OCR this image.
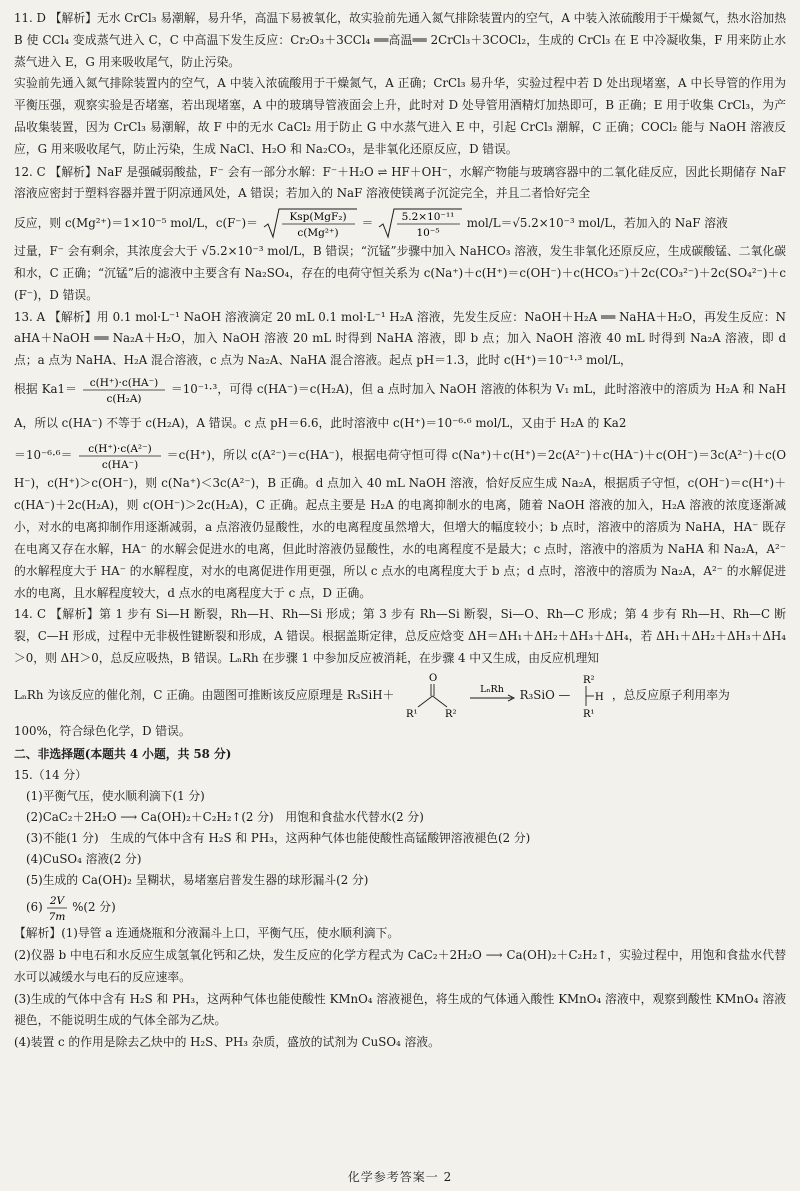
11. D 【解析】无水 CrCl₃ 易潮解，易升华，高温下易被氧化，故实验前先通入氮气排除装置内的空气，A 中装入浓硫酸用于干燥氮气，热水浴加热 B 使 CCl₄ 变成蒸气进入 C，C 中高温下发生反应：Cr₂O₃＋3CCl₄ ══高温══ 2CrCl₃＋3COCl₂，生成的 CrCl₃ 在 E 中冷凝收集，F 用来防止水蒸气进入 E，G 用来吸收尾气，防止污染。

实验前先通入氮气排除装置内的空气，A 中装入浓硫酸用于干燥氮气，A 正确；CrCl₃ 易升华，实验过程中若 D 处出现堵塞，A 中长导管的作用为平衡压强，观察实验是否堵塞，若出现堵塞，A 中的玻璃导管液面会上升，此时对 D 处导管用酒精灯加热即可，B 正确；E 用于收集 CrCl₃，为产品收集装置，因为 CrCl₃ 易潮解，故 F 中的无水 CaCl₂ 用于防止 G 中水蒸气进入 E 中，引起 CrCl₃ 潮解，C 正确；COCl₂ 能与 NaOH 溶液反应，G 用来吸收尾气，防止污染，生成 NaCl、H₂O 和 Na₂CO₃，是非氧化还原反应，D 错误。

12. C 【解析】NaF 是强碱弱酸盐，F⁻ 会有一部分水解：F⁻＋H₂O ⇌ HF＋OH⁻，水解产物能与玻璃容器中的二氧化硅反应，因此长期储存 NaF 溶液应密封于塑料容器并置于阴凉通风处，A 错误；若加入的 NaF 溶液使镁离子沉淀完全，并且二者恰好完全

反应，则 c(Mg²⁺)＝1×10⁻⁵ mol/L，c(F⁻)＝	Ksp(MgF₂)
c(Mg²⁺)
＝	5.2×10⁻¹¹
10⁻⁵
mol/L＝√5.2×10⁻³ mol/L，若加入的 NaF 溶液

过量，F⁻ 会有剩余，其浓度会大于 √5.2×10⁻³ mol/L，B 错误；“沉锰”步骤中加入 NaHCO₃ 溶液，发生非氧化还原反应，生成碳酸锰、二氧化碳和水，C 正确；“沉锰”后的滤液中主要含有 Na₂SO₄，存在的电荷守恒关系为 c(Na⁺)＋c(H⁺)＝c(OH⁻)＋c(HCO₃⁻)＋2c(CO₃²⁻)＋2c(SO₄²⁻)＋c(F⁻)，D 错误。

13. A 【解析】用 0.1 mol·L⁻¹ NaOH 溶液滴定 20 mL 0.1 mol·L⁻¹ H₂A 溶液，先发生反应：NaOH＋H₂A ══ NaHA＋H₂O，再发生反应：NaHA＋NaOH ══ Na₂A＋H₂O，加入 NaOH 溶液 20 mL 时得到 NaHA 溶液，即 b 点；加入 NaOH 溶液 40 mL 时得到 Na₂A 溶液，即 d 点；a 点为 NaHA、H₂A 混合溶液，c 点为 Na₂A、NaHA 混合溶液。起点 pH＝1.3，此时 c(H⁺)＝10⁻¹·³ mol/L，

根据 Ka1＝ c(H⁺)·c(HA⁻)
c(H₂A)
＝10⁻¹·³，可得 c(HA⁻)＝c(H₂A)，但 a 点时加入 NaOH 溶液的体积为 V₁ mL，此时溶液中的溶质为 H₂A 和 NaHA，所以 c(HA⁻) 不等于 c(H₂A)，A 错误。c 点 pH＝6.6，此时溶液中 c(H⁺)＝10⁻⁶·⁶ mol/L，又由于 H₂A 的 Ka2

＝10⁻⁶·⁶＝ c(H⁺)·c(A²⁻)
c(HA⁻)
＝c(H⁺)，所以 c(A²⁻)＝c(HA⁻)，根据电荷守恒可得 c(Na⁺)＋c(H⁺)＝2c(A²⁻)＋c(HA⁻)＋c(OH⁻)＝3c(A²⁻)＋c(OH⁻)，c(H⁺)＞c(OH⁻)，则 c(Na⁺)＜3c(A²⁻)，B 正确。d 点加入 40 mL NaOH 溶液，恰好反应生成 Na₂A，根据质子守恒，c(OH⁻)＝c(H⁺)＋c(HA⁻)＋2c(H₂A)，则 c(OH⁻)＞2c(H₂A)，C 正确。起点主要是 H₂A 的电离抑制水的电离，随着 NaOH 溶液的加入，H₂A 溶液的浓度逐渐减小，对水的电离抑制作用逐渐减弱，a 点溶液仍显酸性，水的电离程度虽然增大，但增大的幅度较小；b 点时，溶液中的溶质为 NaHA，HA⁻ 既存在电离又存在水解，HA⁻ 的水解会促进水的电离，但此时溶液仍显酸性，水的电离程度不是最大；c 点时，溶液中的溶质为 NaHA 和 Na₂A，A²⁻ 的水解程度大于 HA⁻ 的水解程度，对水的电离促进作用更强，所以 c 点水的电离程度大于 b 点；d 点时，溶液中的溶质为 Na₂A，A²⁻ 的水解促进水的电离，且水解程度较大，d 点水的电离程度大于 c 点，D 正确。

14. C 【解析】第 1 步有 Si—H 断裂，Rh—H、Rh—Si 形成；第 3 步有 Rh—Si 断裂，Si—O、Rh—C 形成；第 4 步有 Rh—H、Rh—C 断裂，C—H 形成，过程中无非极性键断裂和形成，A 错误。根据盖斯定律，总反应焓变 ΔH＝ΔH₁＋ΔH₂＋ΔH₃＋ΔH₄，若 ΔH₁＋ΔH₂＋ΔH₃＋ΔH₄＞0，则 ΔH＞0，总反应吸热，B 错误。LₙRh 在步骤 1 中参加反应被消耗，在步骤 4 中又生成，由反应机理知

LₙRh 为该反应的催化剂，C 正确。由题图可推断该反应原理是 R₃SiH＋
O
R¹	R²

LₙRh R₃SiO —
R²
H
R¹
，总反应原子利用率为

100%，符合绿色化学，D 错误。

二、非选择题(本题共 4 小题，共 58 分)

15.（14 分）

(1)平衡气压，使水顺利滴下(1 分)

(2)CaC₂＋2H₂O ⟶ Ca(OH)₂＋C₂H₂↑(2 分)　用饱和食盐水代替水(2 分)

(3)不能(1 分)　生成的气体中含有 H₂S 和 PH₃，这两种气体也能使酸性高锰酸钾溶液褪色(2 分)

(4)CuSO₄ 溶液(2 分)

(5)生成的 Ca(OH)₂ 呈糊状，易堵塞启普发生器的球形漏斗(2 分)

(6) 2V
7m
%(2 分)

【解析】(1)导管 a 连通烧瓶和分液漏斗上口，平衡气压，使水顺利滴下。

(2)仪器 b 中电石和水反应生成氢氧化钙和乙炔，发生反应的化学方程式为 CaC₂＋2H₂O ⟶ Ca(OH)₂＋C₂H₂↑，实验过程中，用饱和食盐水代替水可以减缓水与电石的反应速率。

(3)生成的气体中含有 H₂S 和 PH₃，这两种气体也能使酸性 KMnO₄ 溶液褪色，将生成的气体通入酸性 KMnO₄ 溶液中，观察到酸性 KMnO₄ 溶液褪色，不能说明生成的气体全部为乙炔。

(4)装置 c 的作用是除去乙炔中的 H₂S、PH₃ 杂质，盛放的试剂为 CuSO₄ 溶液。

化学参考答案一 2
